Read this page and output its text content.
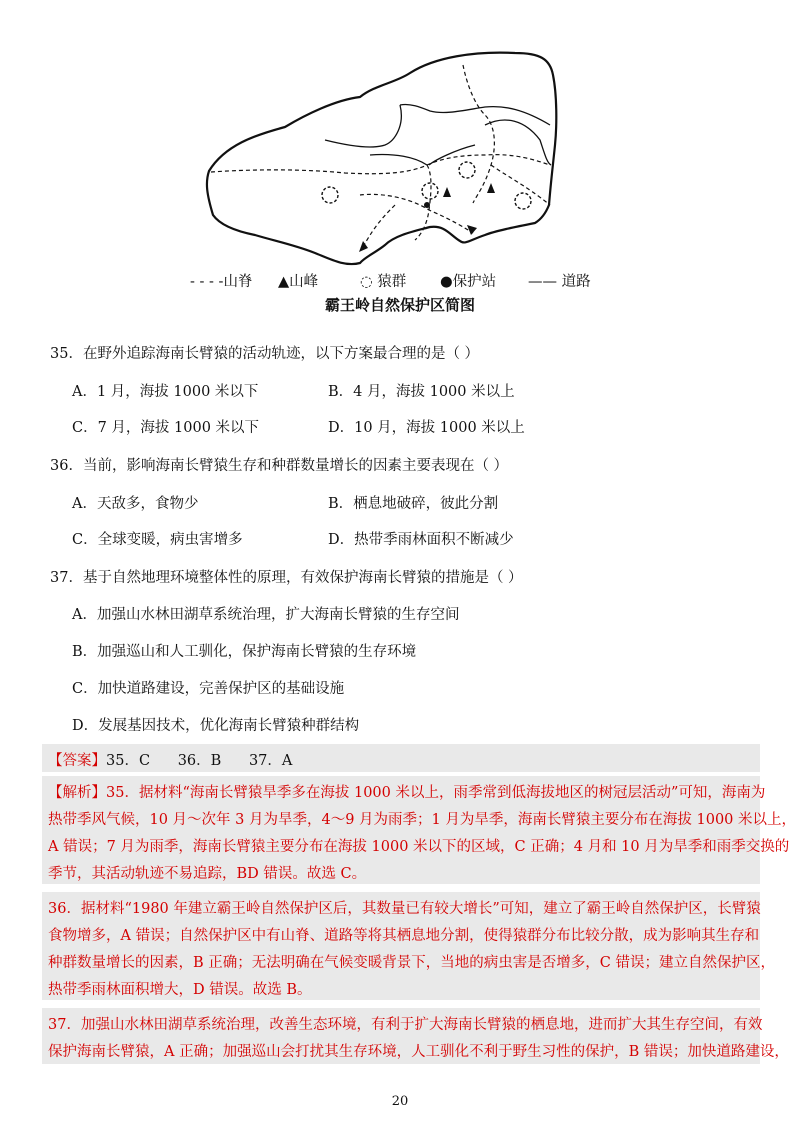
- - - -山脊 ▲山峰	◌ 猿群 ●保护站 —— 道路
霸王岭自然保护区简图
35．在野外追踪海南长臂猿的活动轨迹，以下方案最合理的是（ ）
A．1 月，海拔 1000 米以下	B．4 月，海拔 1000 米以上
C．7 月，海拔 1000 米以下	D．10 月，海拔 1000 米以上
36．当前，影响海南长臂猿生存和种群数量增长的因素主要表现在（ ）
A．天敌多，食物少	B．栖息地破碎，彼此分割
C．全球变暖，病虫害增多	D．热带季雨林面积不断减少
37．基于自然地理环境整体性的原理，有效保护海南长臂猿的措施是（ ）
A．加强山水林田湖草系统治理，扩大海南长臂猿的生存空间
B．加强巡山和人工驯化，保护海南长臂猿的生存环境
C．加快道路建设，完善保护区的基础设施
D．发展基因技术，优化海南长臂猿种群结构
【答案】35．C      36．B      37．A
【解析】35．据材料“海南长臂猿旱季多在海拔 1000 米以上，雨季常到低海拔地区的树冠层活动”可知，海南为
热带季风气候，10 月～次年 3 月为旱季，4～9 月为雨季；1 月为旱季，海南长臂猿主要分布在海拔 1000 米以上，
A 错误；7 月为雨季，海南长臂猿主要分布在海拔 1000 米以下的区域，C 正确；4 月和 10 月为旱季和雨季交换的
季节，其活动轨迹不易追踪，BD 错误。故选 C。
36．据材料“1980 年建立霸王岭自然保护区后，其数量已有较大增长”可知，建立了霸王岭自然保护区，长臂猿
食物增多，A 错误；自然保护区中有山脊、道路等将其栖息地分割，使得猿群分布比较分散，成为影响其生存和
种群数量增长的因素，B 正确；无法明确在气候变暖背景下，当地的病虫害是否增多，C 错误；建立自然保护区，
热带季雨林面积增大，D 错误。故选 B。
37．加强山水林田湖草系统治理，改善生态环境，有利于扩大海南长臂猿的栖息地，进而扩大其生存空间，有效
保护海南长臂猿，A 正确；加强巡山会打扰其生存环境，人工驯化不利于野生习性的保护，B 错误；加快道路建设，
20
